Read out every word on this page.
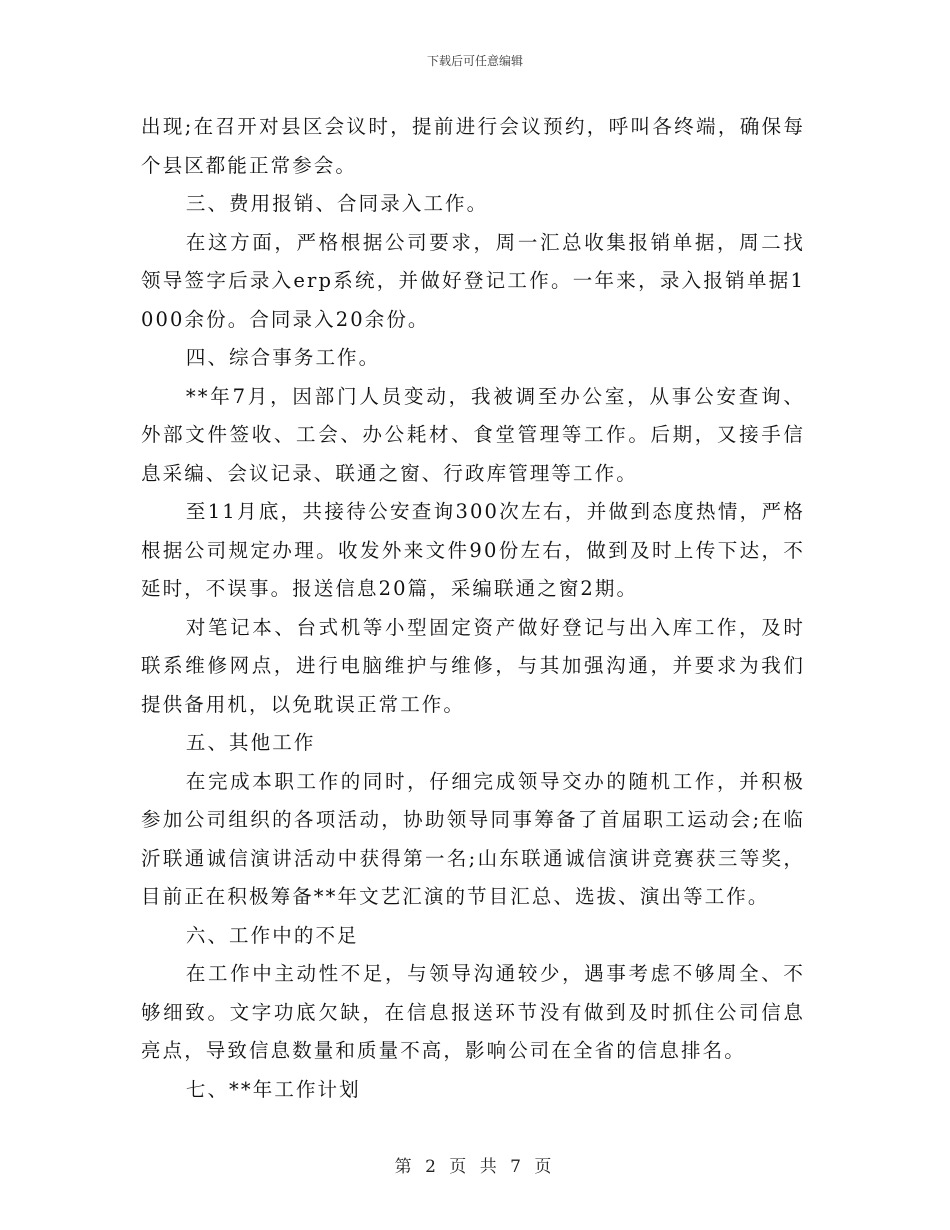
下载后可任意编辑

出现;在召开对县区会议时，提前进行会议预约，呼叫各终端，确保每个县区都能正常参会。

三、费用报销、合同录入工作。

在这方面，严格根据公司要求，周一汇总收集报销单据，周二找领导签字后录入erp系统，并做好登记工作。一年来，录入报销单据1000余份。合同录入20余份。

四、综合事务工作。

**年7月，因部门人员变动，我被调至办公室，从事公安查询、外部文件签收、工会、办公耗材、食堂管理等工作。后期，又接手信息采编、会议记录、联通之窗、行政库管理等工作。

至11月底，共接待公安查询300次左右，并做到态度热情，严格根据公司规定办理。收发外来文件90份左右，做到及时上传下达，不延时，不误事。报送信息20篇，采编联通之窗2期。

对笔记本、台式机等小型固定资产做好登记与出入库工作，及时联系维修网点，进行电脑维护与维修，与其加强沟通，并要求为我们提供备用机，以免耽误正常工作。

五、其他工作

在完成本职工作的同时，仔细完成领导交办的随机工作，并积极参加公司组织的各项活动，协助领导同事筹备了首届职工运动会;在临沂联通诚信演讲活动中获得第一名;山东联通诚信演讲竞赛获三等奖，目前正在积极筹备**年文艺汇演的节目汇总、选拔、演出等工作。

六、工作中的不足

在工作中主动性不足，与领导沟通较少，遇事考虑不够周全、不够细致。文字功底欠缺，在信息报送环节没有做到及时抓住公司信息亮点，导致信息数量和质量不高，影响公司在全省的信息排名。

七、**年工作计划

第 2 页 共 7 页
